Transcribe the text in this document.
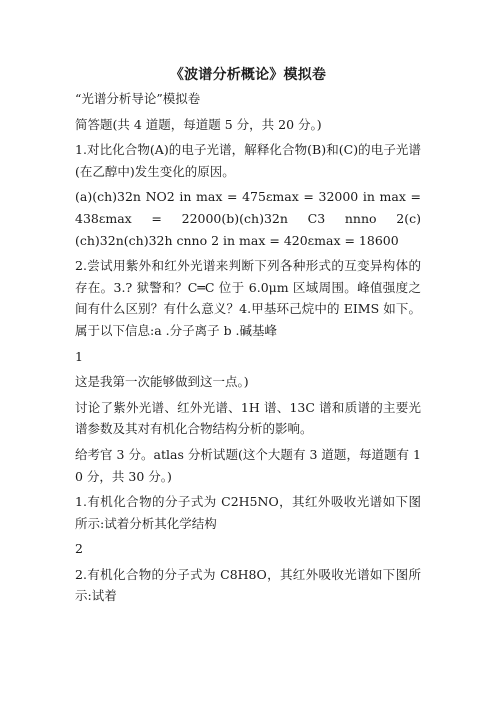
《波谱分析概论》模拟卷

“光谱分析导论”模拟卷

简答题(共 4 道题，每道题 5 分，共 20 分。)

1.对比化合物(A)的电子光谱，解释化合物(B)和(C)的电子光谱(在乙醇中)发生变化的原因。

(a)(ch)32n NO2 in max = 475εmax = 32000 in max = 438εmax = 22000(b)(ch)32n C3 nnno 2(c)(ch)32n(ch)32h cnno 2 in max = 420εmax = 18600

2.尝试用紫外和红外光谱来判断下列各种形式的互变异构体的存在。3.? 狱警和？C═C 位于 6.0μm 区域周围。峰值强度之间有什么区别？有什么意义？4.甲基环己烷中的 EIMS 如下。属于以下信息:a .分子离子 b .碱基峰

1

这是我第一次能够做到这一点。)

讨论了紫外光谱、红外光谱、1H 谱、13C 谱和质谱的主要光谱参数及其对有机化合物结构分析的影响。

给考官 3 分。atlas 分析试题(这个大题有 3 道题，每道题有 10 分，共 30 分。)

1.有机化合物的分子式为 C2H5NO，其红外吸收光谱如下图所示:试着分析其化学结构

2

2.有机化合物的分子式为 C8H8O，其红外吸收光谱如下图所示:试着
